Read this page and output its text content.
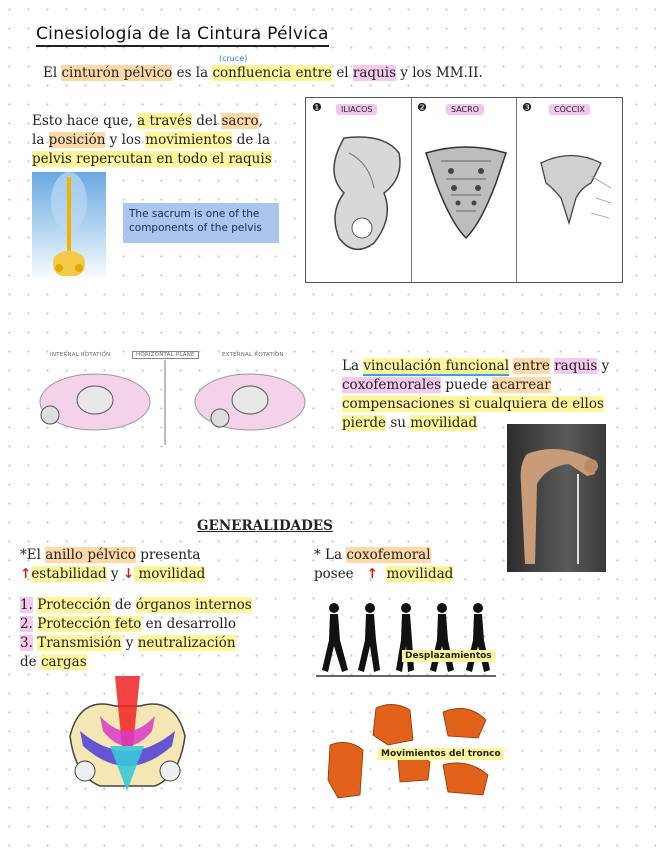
Cinesiología de la Cintura Pélvica
(cruce)
El cinturón pélvico es la confluencia entre el raquis y los MM.II.
Esto hace que, a través del sacro,
la posición y los movimientos de la
pelvis repercutan en todo el raquis
The sacrum is one of the components of the pelvis
❶	ILIACOS	❷	SACRO	❸	CÓCCIX
INTERNAL ROTATION	HORIZONTAL PLANE	EXTERNAL ROTATION
La vinculación funcional entre raquis y
coxofemorales puede acarrear
compensaciones si cualquiera de ellos
pierde su movilidad
GENERALIDADES
*El anillo pélvico presenta
↑estabilidad y ↓ movilidad
1. Protección de órganos internos
2. Protección feto en desarrollo
3. Transmisión y neutralización
de cargas
* La coxofemoral
posee ↑ movilidad
Desplazamientos
Movimientos del tronco
